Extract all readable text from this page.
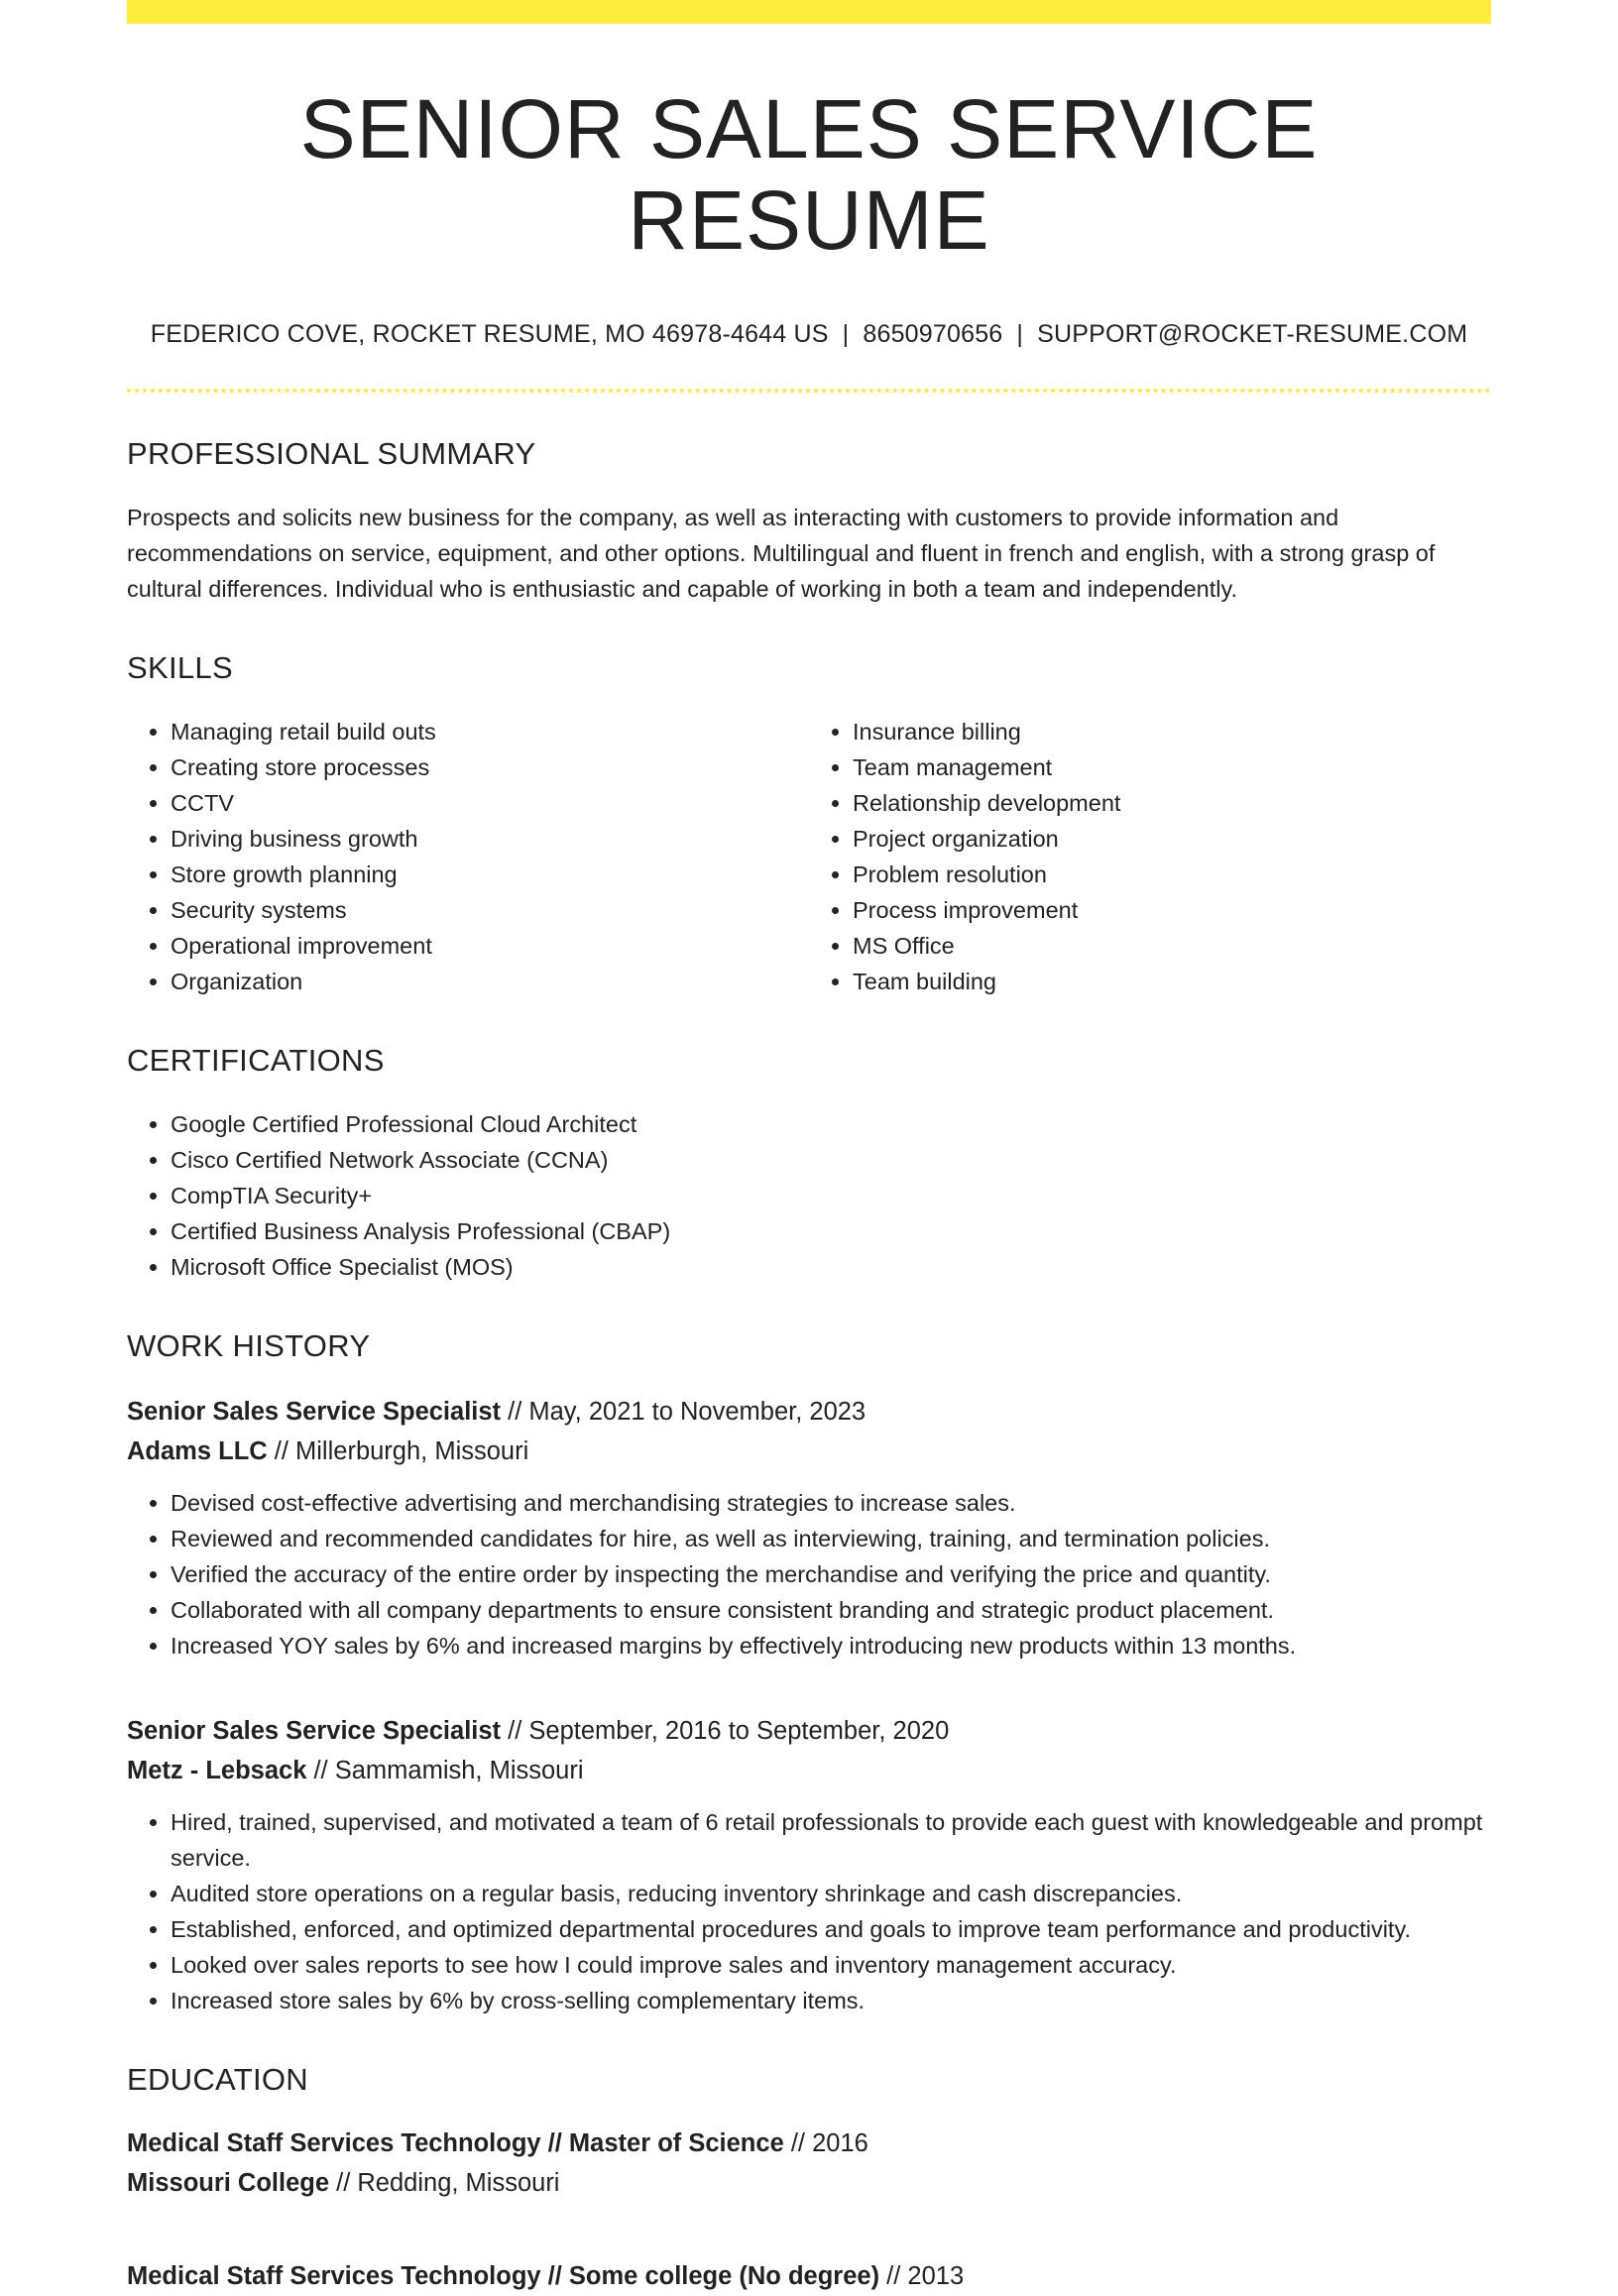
SENIOR SALES SERVICE RESUME
FEDERICO COVE, ROCKET RESUME, MO 46978-4644 US | 8650970656 | SUPPORT@ROCKET-RESUME.COM
PROFESSIONAL SUMMARY
Prospects and solicits new business for the company, as well as interacting with customers to provide information and recommendations on service, equipment, and other options. Multilingual and fluent in french and english, with a strong grasp of cultural differences. Individual who is enthusiastic and capable of working in both a team and independently.
SKILLS
• Managing retail build outs
• Creating store processes
• CCTV
• Driving business growth
• Store growth planning
• Security systems
• Operational improvement
• Organization
• Insurance billing
• Team management
• Relationship development
• Project organization
• Problem resolution
• Process improvement
• MS Office
• Team building
CERTIFICATIONS
• Google Certified Professional Cloud Architect
• Cisco Certified Network Associate (CCNA)
• CompTIA Security+
• Certified Business Analysis Professional (CBAP)
• Microsoft Office Specialist (MOS)
WORK HISTORY
Senior Sales Service Specialist // May, 2021 to November, 2023
Adams LLC // Millerburgh, Missouri
• Devised cost-effective advertising and merchandising strategies to increase sales.
• Reviewed and recommended candidates for hire, as well as interviewing, training, and termination policies.
• Verified the accuracy of the entire order by inspecting the merchandise and verifying the price and quantity.
• Collaborated with all company departments to ensure consistent branding and strategic product placement.
• Increased YOY sales by 6% and increased margins by effectively introducing new products within 13 months.
Senior Sales Service Specialist // September, 2016 to September, 2020
Metz - Lebsack // Sammamish, Missouri
• Hired, trained, supervised, and motivated a team of 6 retail professionals to provide each guest with knowledgeable and prompt service.
• Audited store operations on a regular basis, reducing inventory shrinkage and cash discrepancies.
• Established, enforced, and optimized departmental procedures and goals to improve team performance and productivity.
• Looked over sales reports to see how I could improve sales and inventory management accuracy.
• Increased store sales by 6% by cross-selling complementary items.
EDUCATION
Medical Staff Services Technology // Master of Science // 2016
Missouri College // Redding, Missouri
Medical Staff Services Technology // Some college (No degree) // 2013
